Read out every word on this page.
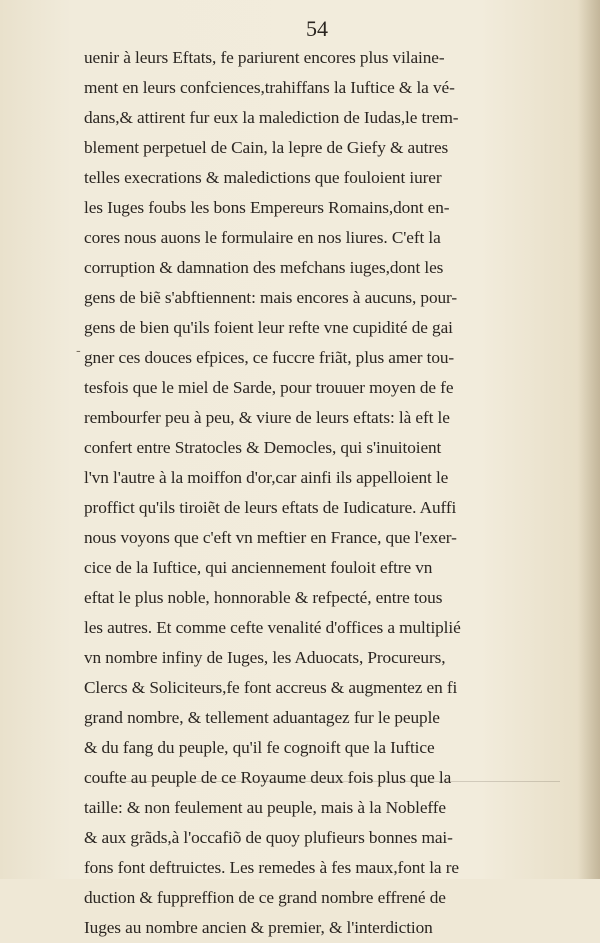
54
-
uenir à leurs Eftats, fe pariurent encores plus vilaine-
ment en leurs confciences,trahiffans la Iuftice & la vé-
dans,& attirent fur eux la malediction de Iudas,le trem-
blement perpetuel de Cain, la lepre de Giefy & autres
telles execrations & maledictions que fouloient iurer
les Iuges foubs les bons Empereurs Romains,dont en-
cores nous auons le formulaire en nos liures. C'eft la
corruption & damnation des mefchans iuges,dont les
gens de biẽ s'abftiennent: mais encores à aucuns, pour-
gens de bien qu'ils foient leur refte vne cupidité de gai
gner ces douces efpices, ce fuccre friãt, plus amer tou-
tesfois que le miel de Sarde, pour trouuer moyen de fe
rembourfer peu à peu, & viure de leurs eftats: là eft le
confert entre Stratocles & Democles, qui s'inuitoient
l'vn l'autre à la moiffon d'or,car ainfi ils appelloient le
proffict qu'ils tiroiẽt de leurs eftats de Iudicature. Auffi
nous voyons que c'eft vn meftier en France, que l'exer-
cice de la Iuftice, qui anciennement fouloit eftre vn
eftat le plus noble, honnorable & refpecté, entre tous
les autres. Et comme cefte venalité d'offices a multiplié
vn nombre infiny de Iuges, les Aduocats, Procureurs,
Clercs & Soliciteurs,fe font accreus & augmentez en fi
grand nombre, & tellement aduantagez fur le peuple
& du fang du peuple, qu'il fe cognoift que la Iuftice
coufte au peuple de ce Royaume deux fois plus que la
taille: & non feulement au peuple, mais à la Nobleffe
& aux grãds,à l'occafiõ de quoy plufieurs bonnes mai-
fons font deftruictes. Les remedes à fes maux,font la re
duction & fuppreffion de ce grand nombre effrené de
Iuges au nombre ancien & premier, & l'interdiction
